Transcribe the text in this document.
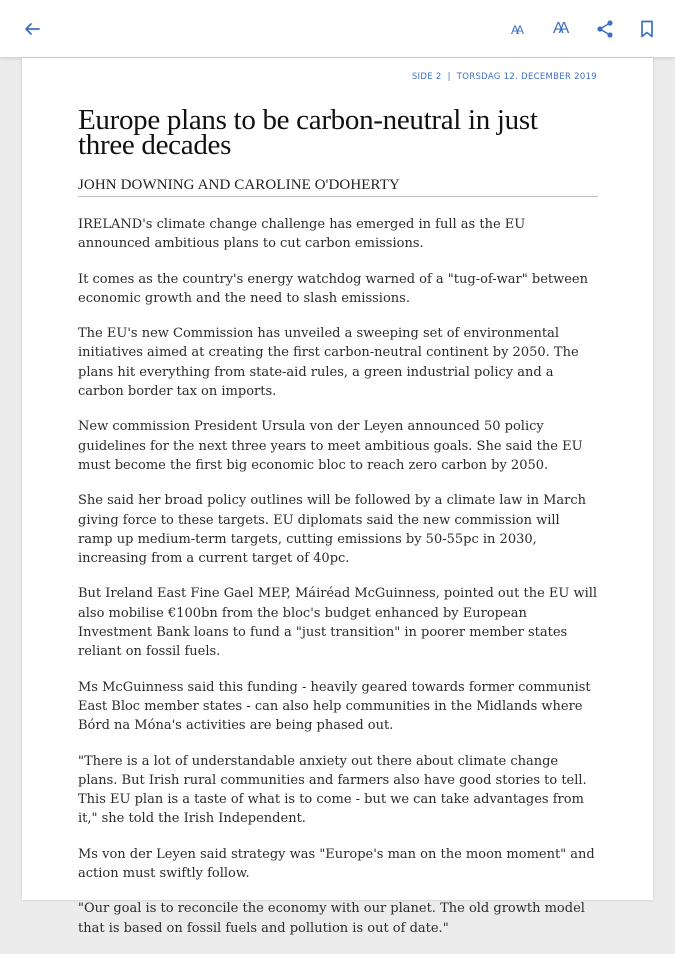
AA AA
SIDE 2 | TORSDAG 12. DECEMBER 2019
Europe plans to be carbon-neutral in just three decades
JOHN DOWNING AND CAROLINE O'DOHERTY

IRELAND's climate change challenge has emerged in full as the EU announced ambitious plans to cut carbon emissions.

It comes as the country's energy watchdog warned of a "tug-of-war" between economic growth and the need to slash emissions.

The EU's new Commission has unveiled a sweeping set of environmental initiatives aimed at creating the first carbon-neutral continent by 2050. The plans hit everything from state-aid rules, a green industrial policy and a carbon border tax on imports.

New commission President Ursula von der Leyen announced 50 policy guidelines for the next three years to meet ambitious goals. She said the EU must become the first big economic bloc to reach zero carbon by 2050.

She said her broad policy outlines will be followed by a climate law in March giving force to these targets. EU diplomats said the new commission will ramp up medium-term targets, cutting emissions by 50-55pc in 2030, increasing from a current target of 40pc.

But Ireland East Fine Gael MEP, Máiréad McGuinness, pointed out the EU will also mobilise €100bn from the bloc's budget enhanced by European Investment Bank loans to fund a "just transition" in poorer member states reliant on fossil fuels.

Ms McGuinness said this funding - heavily geared towards former communist East Bloc member states - can also help communities in the Midlands where Bórd na Móna's activities are being phased out.

"There is a lot of understandable anxiety out there about climate change plans. But Irish rural communities and farmers also have good stories to tell. This EU plan is a taste of what is to come - but we can take advantages from it," she told the Irish Independent.

Ms von der Leyen said strategy was "Europe's man on the moon moment" and action must swiftly follow.

"Our goal is to reconcile the economy with our planet. The old growth model that is based on fossil fuels and pollution is out of date."
